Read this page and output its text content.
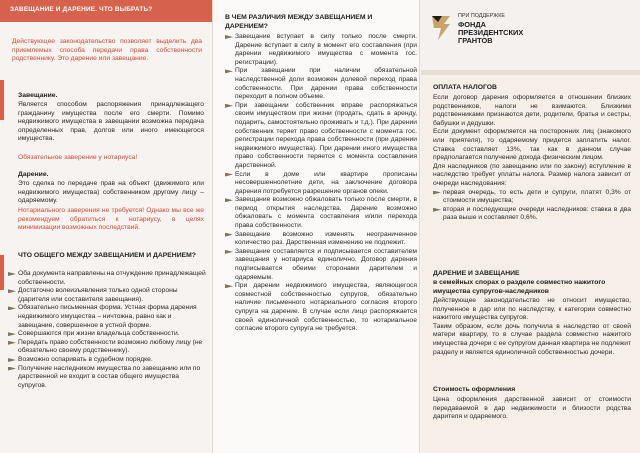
ЗАВЕЩАНИЕ И ДАРЕНИЕ. ЧТО ВЫБРАТЬ?
Действующее законодательство позволяет выделить два приемлемых способа передачи права собственности родственнику. Это дарение или завещание.
Завещание.
Является способом распоряжения принадлежащего гражданину имущества после его смерти. Помимо недвижимого имущества в завещании возможна передача определенных прав, долгов или иного имеющегося имущества.
Обязательное заверение у нотариуса!
Дарение.
Это сделка по передаче прав на объект (движимого или недвижимого имущества) собственником другому лицу – одаряемому.
Нотариального заверения не требуется! Однако мы все же рекомендуем обратиться к нотариусу, в целях минимизации возможных последствий.
ЧТО ОБЩЕГО МЕЖДУ ЗАВЕЩАНИЕМ И ДАРЕНИЕМ?
Оба документа направлены на отчуждение принадлежащей собственности.
Достаточно волеизъявления только одной стороны (дарителя или составителя завещания).
Обязательно письменная форма. Устная форма дарения недвижимого имущества – ничтожна, равно как и завещание, совершенное в устной форме.
Совершаются при жизни владельца собственности.
Передать право собственности возможно любому лицу (не обязательно своему родственнику).
Возможно оспаривать в судебном порядке.
Получение наследником имущества по завещанию или по дарственной не входит в состав общего имущества супругов.
В ЧЕМ РАЗЛИЧИЯ МЕЖДУ ЗАВЕЩАНИЕМ И ДАРЕНИЕМ?
Завещание вступает в силу только после смерти. Дарение вступает в силу в момент его составления (при дарении недвижимого имущества с момента гос. регистрации).
При завещании при наличии обязательной наследственной доли возможен долевой переход права собственности. При дарении права собственности переходит в полном объеме.
При завещании собственник вправе распоряжаться своим имуществом при жизни (продать, сдать в аренду, подарить, самостоятельно проживать и т.д.). При дарении собственник теряет право собственности с момента гос. регистрации перехода права собственности (при дарении недвижимого имущества). При дарении иного имущества право собственности теряется с момента составления дарственной.
Если в доме или квартире прописаны несовершеннолетние дети, на заключение договора дарения потребуется разрешение органов опеки.
Завещание возможно обжаловать только после смерти, в период открытия наследства. Дарение возможно обжаловать с момента составления и/или перехода права собственности.
Завещание возможно изменять неограниченное количество раз. Дарственная изменению не подлежит.
Завещание составляется и подписывается составителем завещания у нотариуса единолично. Договор дарения подписывается обеими сторонами дарителем и одаряемым.
При дарении недвижимого имущества, являющегося совместной собственностью супругов, обязательно наличие письменного нотариального согласия второго супруга на дарение. В случае если лицо распоряжается своей единоличной собственностью, то нотариальное согласие второго супруга не требуется.
ПРИ ПОДДЕРЖКЕ
ФОНДА
ПРЕЗИДЕНТСКИХ
ГРАНТОВ
ОПЛАТА НАЛОГОВ
Если договор дарения оформляется в отношении близких родственников, налоги не взимаются. Близкими родственниками признаются дети, родители, братья и сестры, бабушки и дедушки.
Если документ оформляется на посторонних лиц (знакомого или приятеля), то одаряемому придется заплатить налог. Ставка составляет 13%, так как в данном случае предполагается получение дохода физическим лицом.
Для наследников (по завещанию или по закону) вступление в наследство требует уплаты налога. Размер налога зависит от очереди наследования:
первая очередь, то есть дети и супруги, платят 0,3% от стоимости имущества;
вторая и последующие очереди наследников: ставка в два раза выше и составляет 0,6%.
ДАРЕНИЕ И ЗАВЕЩАНИЕ
в семейных спорах о разделе совместно нажитого имущества супругов-наследников
Действующее законодательство не относит имущество, полученное в дар или по наследству, к категории совместно нажитого имущества супругов.
Таким образом, если дочь получила в наследство от своей матери квартиру, то в случае раздела совместно нажитого имущества дочери с ее супругом данная квартира не подлежит разделу и является единоличной собственностью дочери.
Стоимость оформления
Цена оформления дарственной зависит от стоимости передаваемой в дар недвижимости и близости родства дарителя и одаряемого.
